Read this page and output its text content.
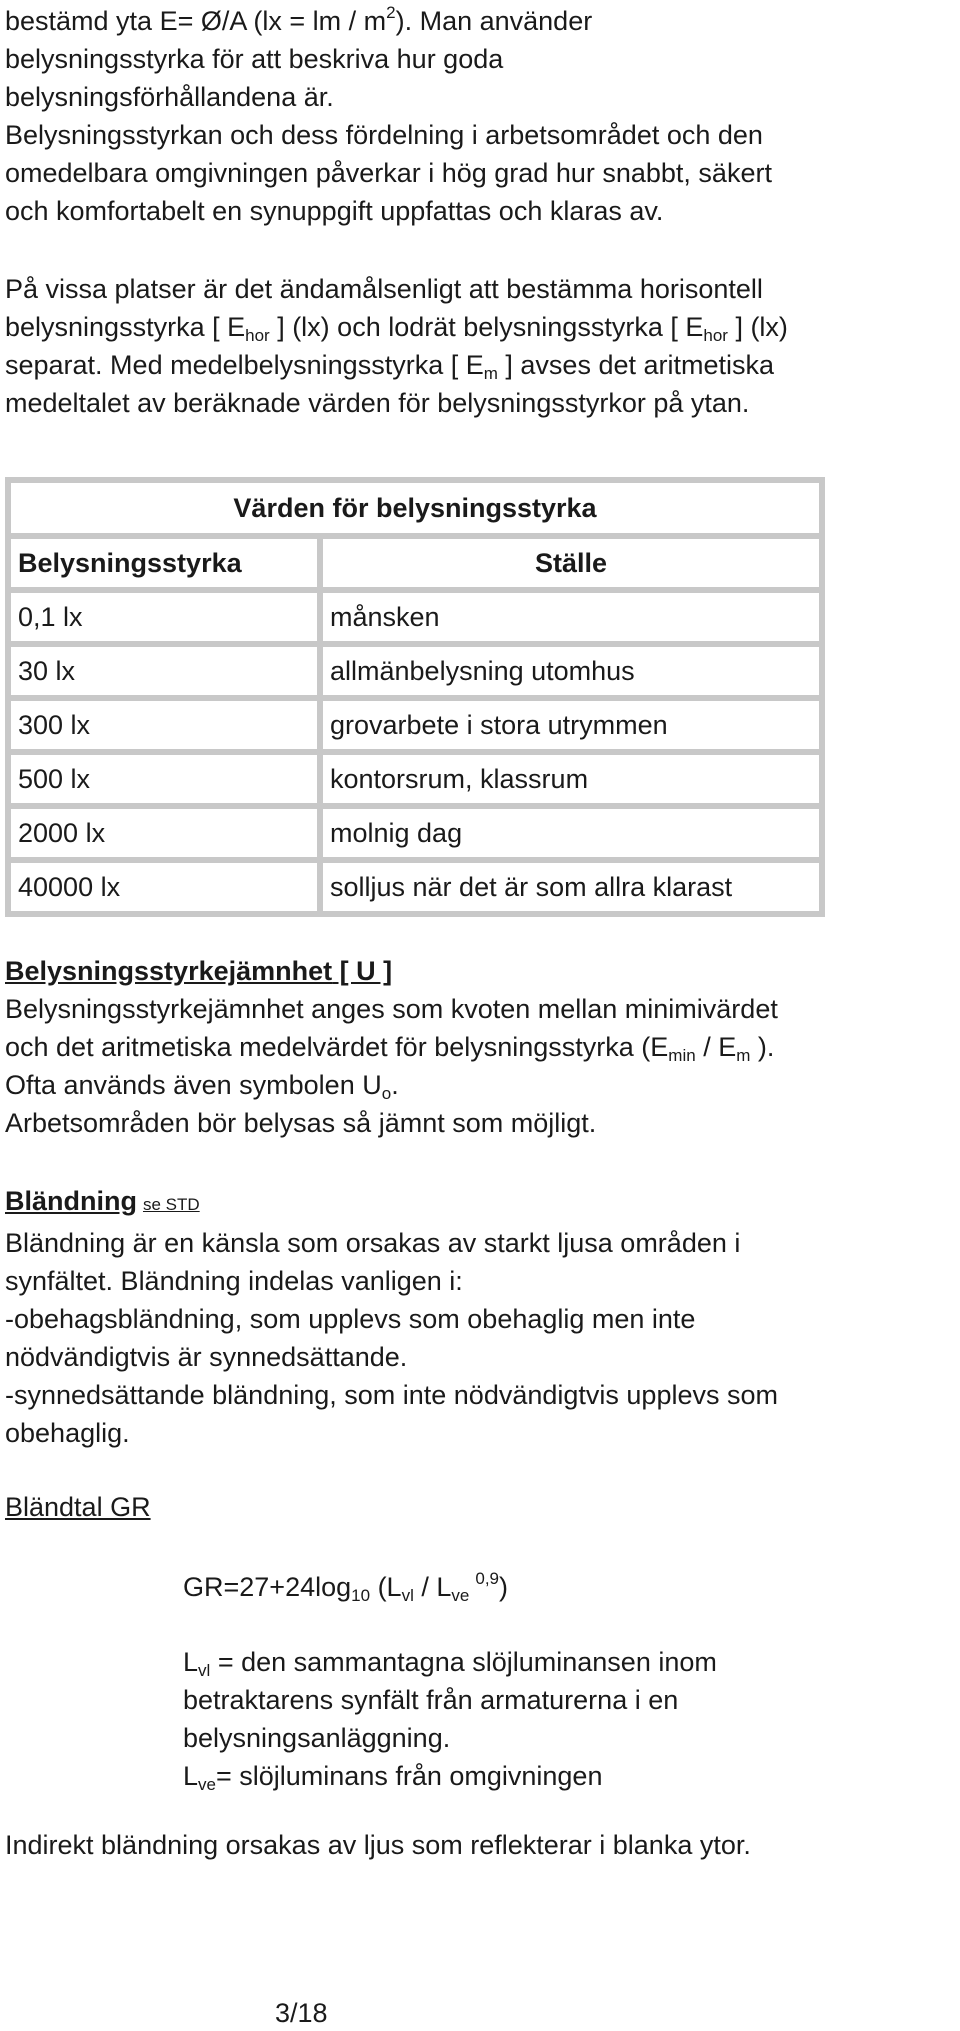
bestämd yta E= Ø/A (lx = lm / $m^2$). Man använder
belysningsstyrka för att beskriva hur goda
belysningsförhållandena är.
Belysningsstyrkan och dess fördelning i arbetsområdet och den
omedelbara omgivningen påverkar i hög grad hur snabbt, säkert
och komfortabelt en synuppgift uppfattas och klaras av.
På vissa platser är det ändamålsenligt att bestämma horisontell
belysningsstyrka [ $E_{hor}$ ] (lx) och lodrät belysningsstyrka [ $E_{hor}$ ] (lx)
separat. Med medelbelysningsstyrka [ $E_m$ ] avses det aritmetiska
medeltalet av beräknade värden för belysningsstyrkor på ytan.
Värden för belysningsstyrka	
Belysningsstyrka	Ställe
0,1 lx	månsken
30 lx	allmänbelysning utomhus
300 lx	grovarbete i stora utrymmen
500 lx	kontorsrum, klassrum
2000 lx	molnig dag
40000 lx	solljus när det är som allra klarast
Belysningsstyrkejämnhet [ U ]
Belysningsstyrkejämnhet anges som kvoten mellan minimivärdet
och det aritmetiska medelvärdet för belysningsstyrka ($E_{min} / E_m$ ).
Ofta används även symbolen $U_o$.
Arbetsområden bör belysas så jämnt som möjligt.
Bländning se STD
Bländning är en känsla som orsakas av starkt ljusa områden i
synfältet. Bländning indelas vanligen i:
-obehagsbländning, som upplevs som obehaglig men inte
nödvändigtvis är synnedsättande.
-synnedsättande bländning, som inte nödvändigtvis upplevs som
obehaglig.
Bländtal GR
$GR=27+24\log_{10}$ $(L_{vl} / L_{ve}^{0,9})$
$L_{vl}$ = den sammantagna slöjluminansen inom
betraktarens synfält från armaturerna i en
belysningsanläggning.
$L_{ve}=$ slöjluminans från omgivningen
Indirekt bländning orsakas av ljus som reflekterar i blanka ytor.
3/18
